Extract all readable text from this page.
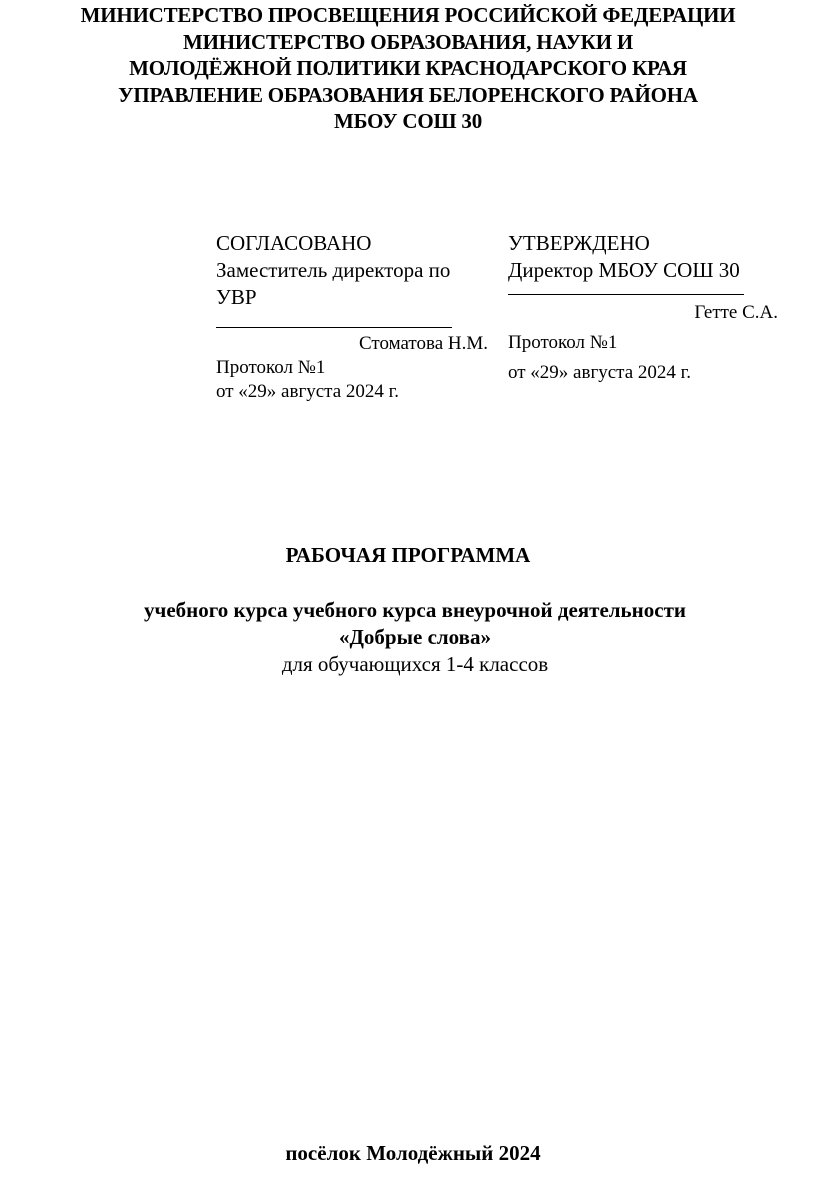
МИНИСТЕРСТВО ПРОСВЕЩЕНИЯ РОССИЙСКОЙ ФЕДЕРАЦИИ
МИНИСТЕРСТВО ОБРАЗОВАНИЯ, НАУКИ И
МОЛОДЁЖНОЙ ПОЛИТИКИ КРАСНОДАРСКОГО КРАЯ
УПРАВЛЕНИЕ ОБРАЗОВАНИЯ БЕЛОРЕНСКОГО РАЙОНА
МБОУ СОШ 30
СОГЛАСОВАНО
Заместитель директора по
УВР
Стоматова Н.М.
Протокол №1
от «29» августа 2024 г.
УТВЕРЖДЕНО
Директор МБОУ СОШ 30
Гетте С.А.
Протокол №1
от «29» августа 2024 г.
РАБОЧАЯ ПРОГРАММА
учебного курса учебного курса внеурочной деятельности
«Добрые слова»
для обучающихся 1-4 классов
посёлок Молодёжный 2024
